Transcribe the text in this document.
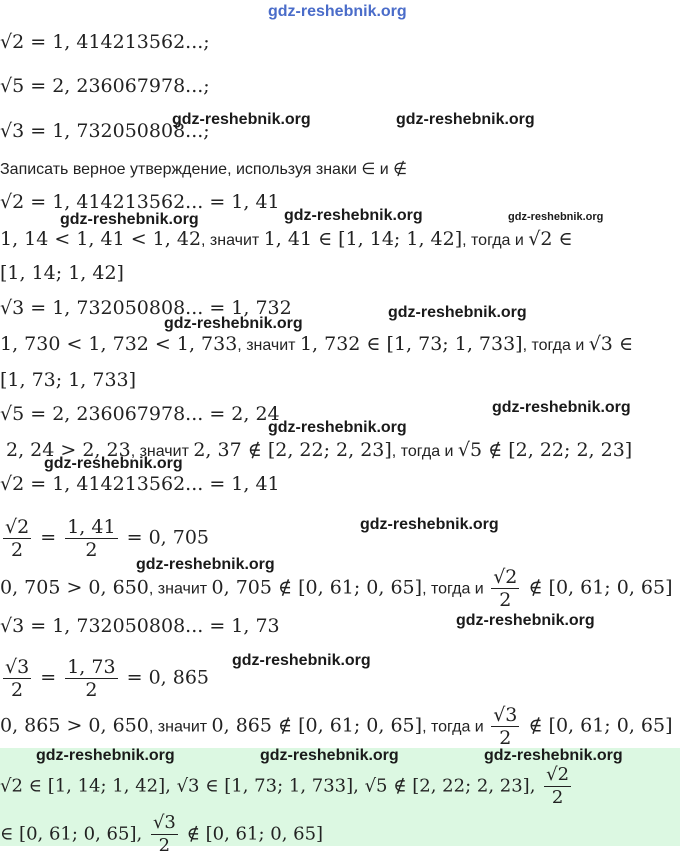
gdz-reshebnik.org
√2 = 1, 414213562...;
√5 = 2, 236067978...;
√3 = 1, 732050808...;
gdz-reshebnik.org	gdz-reshebnik.org
Записать верное утверждение, используя знаки ∈ и ∉
√2 = 1, 414213562... = 1, 41
gdz-reshebnik.org	gdz-reshebnik.org	gdz-reshebnik.org
1, 14 < 1, 41 < 1, 42, значит 1, 41 ∈ [1, 14; 1, 42], тогда и √2 ∈
[1, 14; 1, 42]
√3 = 1, 732050808... = 1, 732	gdz-reshebnik.org
gdz-reshebnik.org
1, 730 < 1, 732 < 1, 733, значит 1, 732 ∈ [1, 73; 1, 733], тогда и √3 ∈
[1, 73; 1, 733]
√5 = 2, 236067978... = 2, 24	gdz-reshebnik.org
gdz-reshebnik.org
2, 24 > 2, 23, значит 2, 37 ∉ [2, 22; 2, 23], тогда и √5 ∉ [2, 22; 2, 23]
gdz-reshebnik.org
√2 = 1, 414213562... = 1, 41
$\frac{√2}{2} = \frac{1, 41}{2} = 0$, 705
gdz-reshebnik.org
gdz-reshebnik.org
0, 705 > 0, 650, значит 0, 705 ∉ [0, 61; 0, 65], тогда и $\frac{√2}{2}$ ∉ [0, 61; 0, 65]
√3 = 1, 732050808... = 1, 73	gdz-reshebnik.org
gdz-reshebnik.org
$\frac{√3}{2} = \frac{1, 73}{2} = 0$, 865
0, 865 > 0, 650, значит 0, 865 ∉ [0, 61; 0, 65], тогда и $\frac{√3}{2}$ ∉ [0, 61; 0, 65]
gdz-reshebnik.org	gdz-reshebnik.org	gdz-reshebnik.org
√2 ∈ [1, 14; 1, 42], √3 ∈ [1, 73; 1, 733], √5 ∉ [2, 22; 2, 23], $\frac{√2}{2}$
∈ [0, 61; 0, 65], $\frac{√3}{2}$ ∉ [0, 61; 0, 65]
